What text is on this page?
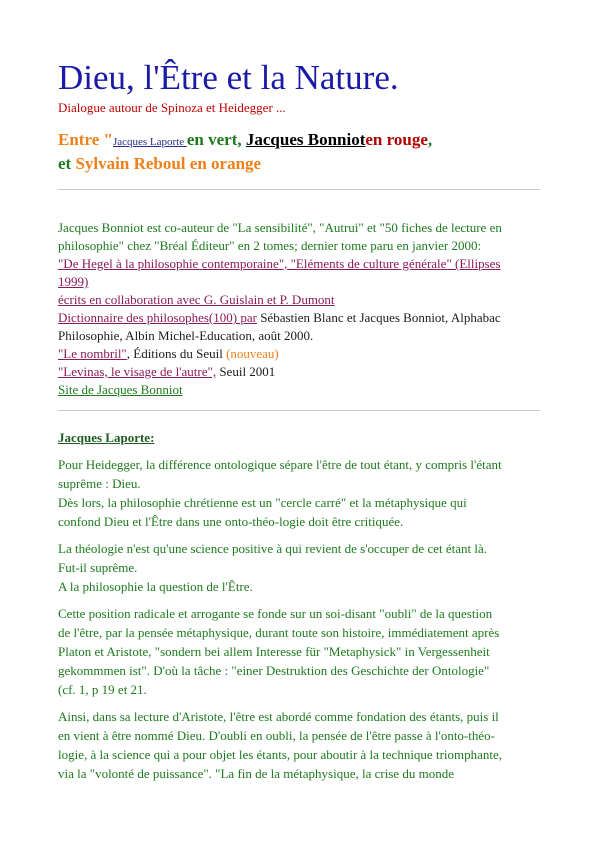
Dieu, l'Être et la Nature.
Dialogue autour de Spinoza et Heidegger ...
Entre "Jacques Laporte en vert, Jacques Bonnioten rouge,
et Sylvain Reboul en orange
Jacques Bonniot est co-auteur de "La sensibilité", "Autrui" et "50 fiches de lecture en
philosophie" chez "Bréal Éditeur" en 2 tomes; dernier tome paru en janvier 2000:
"De Hegel à la philosophie contemporaine", "Eléments de culture générale" (Ellipses
1999)
écrits en collaboration avec G. Guislain et P. Dumont
Dictionnaire des philosophes(100) par Sébastien Blanc et Jacques Bonniot, Alphabac
Philosophie, Albin Michel-Education, août 2000.
"Le nombril", Éditions du Seuil (nouveau)
"Levinas, le visage de l'autre", Seuil 2001
Site de Jacques Bonniot
Jacques Laporte:
Pour Heidegger, la différence ontologique sépare l'être de tout étant, y compris l'étant
suprême : Dieu.
Dès lors, la philosophie chrétienne est un "cercle carré" et la métaphysique qui
confond Dieu et l'Être dans une onto-théo-logie doit être critiquée.
La théologie n'est qu'une science positive à qui revient de s'occuper de cet étant là.
Fut-il suprême.
A la philosophie la question de l'Être.
Cette position radicale et arrogante se fonde sur un soi-disant "oubli" de la question
de l'être, par la pensée métaphysique, durant toute son histoire, immédiatement après
Platon et Aristote, "sondern bei allem Interesse für "Metaphysick" in Vergessenheit
gekommmen ist". D'où la tâche : "einer Destruktion des Geschichte der Ontologie"
(cf. 1, p 19 et 21.
Ainsi, dans sa lecture d'Aristote, l'être est abordé comme fondation des étants, puis il
en vient à être nommé Dieu. D'oubli en oubli, la pensée de l'être passe à l'onto-théo-
logie, à la science qui a pour objet les étants, pour aboutir à la technique triomphante,
via la "volonté de puissance". "La fin de la métaphysique, la crise du monde
